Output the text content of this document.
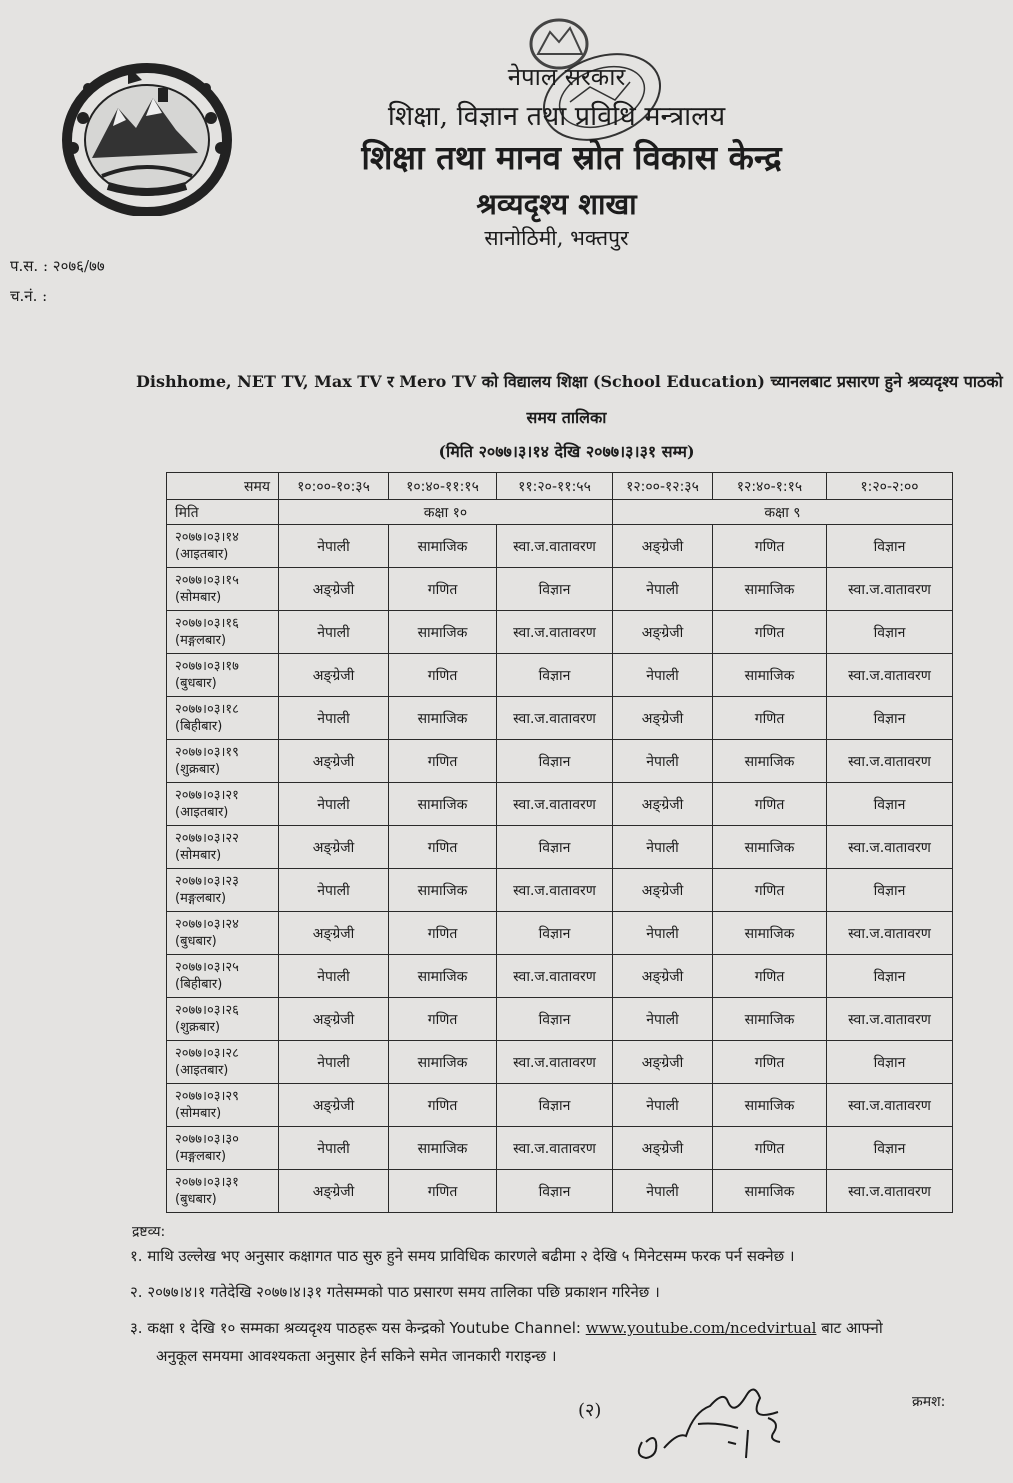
नेपाल सरकार
शिक्षा, विज्ञान तथा प्रविधि मन्त्रालय
शिक्षा तथा मानव स्रोत विकास केन्द्र
श्रव्यदृश्य शाखा
सानोठिमी, भक्तपुर
प.स. : २०७६/७७
च.नं. :
Dishhome, NET TV, Max TV र Mero TV को विद्यालय शिक्षा (School Education) च्यानलबाट प्रसारण हुने श्रव्यदृश्य पाठको
समय तालिका
(मिति २०७७।३।१४ देखि २०७७।३।३१ सम्म)
समय	१०:००-१०:३५	१०:४०-११:१५	११:२०-११:५५	१२:००-१२:३५	१२:४०-१:१५	१:२०-२:००
मिति	कक्षा १०			कक्षा ९		

२०७७।०३।१४
(आइतबार)	नेपाली	सामाजिक	स्वा.ज.वातावरण	अङ्ग्रेजी	गणित	विज्ञान

२०७७।०३।१५
(सोमबार)	अङ्ग्रेजी	गणित	विज्ञान	नेपाली	सामाजिक	स्वा.ज.वातावरण

२०७७।०३।१६
(मङ्गलबार)	नेपाली	सामाजिक	स्वा.ज.वातावरण	अङ्ग्रेजी	गणित	विज्ञान

२०७७।०३।१७
(बुधबार)	अङ्ग्रेजी	गणित	विज्ञान	नेपाली	सामाजिक	स्वा.ज.वातावरण

२०७७।०३।१८
(बिहीबार)	नेपाली	सामाजिक	स्वा.ज.वातावरण	अङ्ग्रेजी	गणित	विज्ञान

२०७७।०३।१९
(शुक्रबार)	अङ्ग्रेजी	गणित	विज्ञान	नेपाली	सामाजिक	स्वा.ज.वातावरण

२०७७।०३।२१
(आइतबार)	नेपाली	सामाजिक	स्वा.ज.वातावरण	अङ्ग्रेजी	गणित	विज्ञान

२०७७।०३।२२
(सोमबार)	अङ्ग्रेजी	गणित	विज्ञान	नेपाली	सामाजिक	स्वा.ज.वातावरण

२०७७।०३।२३
(मङ्गलबार)	नेपाली	सामाजिक	स्वा.ज.वातावरण	अङ्ग्रेजी	गणित	विज्ञान

२०७७।०३।२४
(बुधबार)	अङ्ग्रेजी	गणित	विज्ञान	नेपाली	सामाजिक	स्वा.ज.वातावरण

२०७७।०३।२५
(बिहीबार)	नेपाली	सामाजिक	स्वा.ज.वातावरण	अङ्ग्रेजी	गणित	विज्ञान

२०७७।०३।२६
(शुक्रबार)	अङ्ग्रेजी	गणित	विज्ञान	नेपाली	सामाजिक	स्वा.ज.वातावरण

२०७७।०३।२८
(आइतबार)	नेपाली	सामाजिक	स्वा.ज.वातावरण	अङ्ग्रेजी	गणित	विज्ञान

२०७७।०३।२९
(सोमबार)	अङ्ग्रेजी	गणित	विज्ञान	नेपाली	सामाजिक	स्वा.ज.वातावरण

२०७७।०३।३०
(मङ्गलबार)	नेपाली	सामाजिक	स्वा.ज.वातावरण	अङ्ग्रेजी	गणित	विज्ञान

२०७७।०३।३१
(बुधबार)	अङ्ग्रेजी	गणित	विज्ञान	नेपाली	सामाजिक	स्वा.ज.वातावरण
द्रष्टव्य:
१. माथि उल्लेख भए अनुसार कक्षागत पाठ सुरु हुने समय प्राविधिक कारणले बढीमा २ देखि ५ मिनेटसम्म फरक पर्न सक्नेछ ।
२. २०७७।४।१ गतेदेखि २०७७।४।३१ गतेसम्मको पाठ प्रसारण समय तालिका पछि प्रकाशन गरिनेछ ।
३. कक्षा १ देखि १० सम्मका श्रव्यदृश्य पाठहरू यस केन्द्रको Youtube Channel: www.youtube.com/ncedvirtual बाट आफ्नो
अनुकूल समयमा आवश्यकता अनुसार हेर्न सकिने समेत जानकारी गराइन्छ ।
(२)	क्रमश:
